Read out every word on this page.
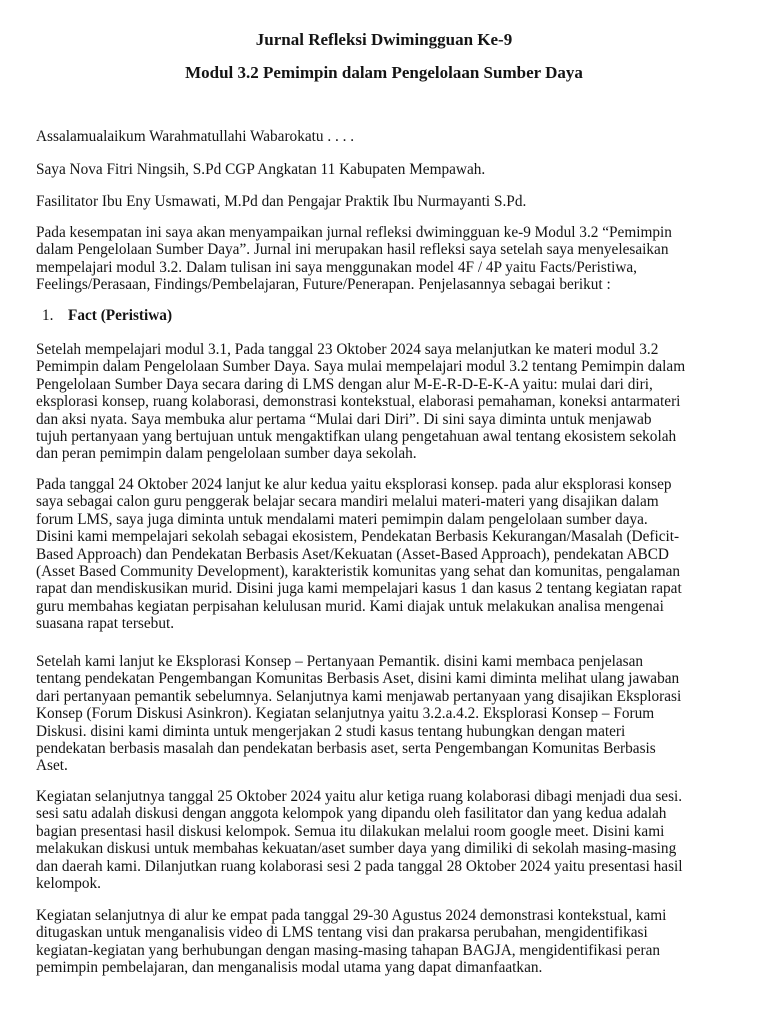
Jurnal Refleksi Dwimingguan Ke-9
Modul 3.2 Pemimpin dalam Pengelolaan Sumber Daya

Assalamualaikum Warahmatullahi Wabarokatu . . . .

Saya Nova Fitri Ningsih, S.Pd CGP Angkatan 11 Kabupaten Mempawah.

Fasilitator Ibu Eny Usmawati, M.Pd dan Pengajar Praktik Ibu Nurmayanti S.Pd.

Pada kesempatan ini saya akan menyampaikan jurnal refleksi dwimingguan ke-9 Modul 3.2 “Pemimpin
dalam Pengelolaan Sumber Daya”. Jurnal ini merupakan hasil refleksi saya setelah saya menyelesaikan
mempelajari modul 3.2. Dalam tulisan ini saya menggunakan model 4F / 4P yaitu Facts/Peristiwa,
Feelings/Perasaan, Findings/Pembelajaran, Future/Penerapan. Penjelasannya sebagai berikut :

1. Fact (Peristiwa)

Setelah mempelajari modul 3.1, Pada tanggal 23 Oktober 2024 saya melanjutkan ke materi modul 3.2
Pemimpin dalam Pengelolaan Sumber Daya. Saya mulai mempelajari modul 3.2 tentang Pemimpin dalam
Pengelolaan Sumber Daya secara daring di LMS dengan alur M-E-R-D-E-K-A yaitu: mulai dari diri,
eksplorasi konsep, ruang kolaborasi, demonstrasi kontekstual, elaborasi pemahaman, koneksi antarmateri
dan aksi nyata. Saya membuka alur pertama “Mulai dari Diri”. Di sini saya diminta untuk menjawab
tujuh pertanyaan yang bertujuan untuk mengaktifkan ulang pengetahuan awal tentang ekosistem sekolah
dan peran pemimpin dalam pengelolaan sumber daya sekolah.

Pada tanggal 24 Oktober 2024 lanjut ke alur kedua yaitu eksplorasi konsep. pada alur eksplorasi konsep
saya sebagai calon guru penggerak belajar secara mandiri melalui materi-materi yang disajikan dalam
forum LMS, saya juga diminta untuk mendalami materi pemimpin dalam pengelolaan sumber daya.
Disini kami mempelajari sekolah sebagai ekosistem, Pendekatan Berbasis Kekurangan/Masalah (Deficit-
Based Approach) dan Pendekatan Berbasis Aset/Kekuatan (Asset-Based Approach), pendekatan ABCD
(Asset Based Community Development), karakteristik komunitas yang sehat dan komunitas, pengalaman
rapat dan mendiskusikan murid. Disini juga kami mempelajari kasus 1 dan kasus 2 tentang kegiatan rapat
guru membahas kegiatan perpisahan kelulusan murid. Kami diajak untuk melakukan analisa mengenai
suasana rapat tersebut.

Setelah kami lanjut ke Eksplorasi Konsep – Pertanyaan Pemantik. disini kami membaca penjelasan
tentang pendekatan Pengembangan Komunitas Berbasis Aset, disini kami diminta melihat ulang jawaban
dari pertanyaan pemantik sebelumnya. Selanjutnya kami menjawab pertanyaan yang disajikan Eksplorasi
Konsep (Forum Diskusi Asinkron). Kegiatan selanjutnya yaitu 3.2.a.4.2. Eksplorasi Konsep – Forum
Diskusi. disini kami diminta untuk mengerjakan 2 studi kasus tentang hubungkan dengan materi
pendekatan berbasis masalah dan pendekatan berbasis aset, serta Pengembangan Komunitas Berbasis
Aset.

Kegiatan selanjutnya tanggal 25 Oktober 2024 yaitu alur ketiga ruang kolaborasi dibagi menjadi dua sesi.
sesi satu adalah diskusi dengan anggota kelompok yang dipandu oleh fasilitator dan yang kedua adalah
bagian presentasi hasil diskusi kelompok. Semua itu dilakukan melalui room google meet. Disini kami
melakukan diskusi untuk membahas kekuatan/aset sumber daya yang dimiliki di sekolah masing-masing
dan daerah kami. Dilanjutkan ruang kolaborasi sesi 2 pada tanggal 28 Oktober 2024 yaitu presentasi hasil
kelompok.

Kegiatan selanjutnya di alur ke empat pada tanggal 29-30 Agustus 2024 demonstrasi kontekstual, kami
ditugaskan untuk menganalisis video di LMS tentang visi dan prakarsa perubahan, mengidentifikasi
kegiatan-kegiatan yang berhubungan dengan masing-masing tahapan BAGJA, mengidentifikasi peran
pemimpin pembelajaran, dan menganalisis modal utama yang dapat dimanfaatkan.
